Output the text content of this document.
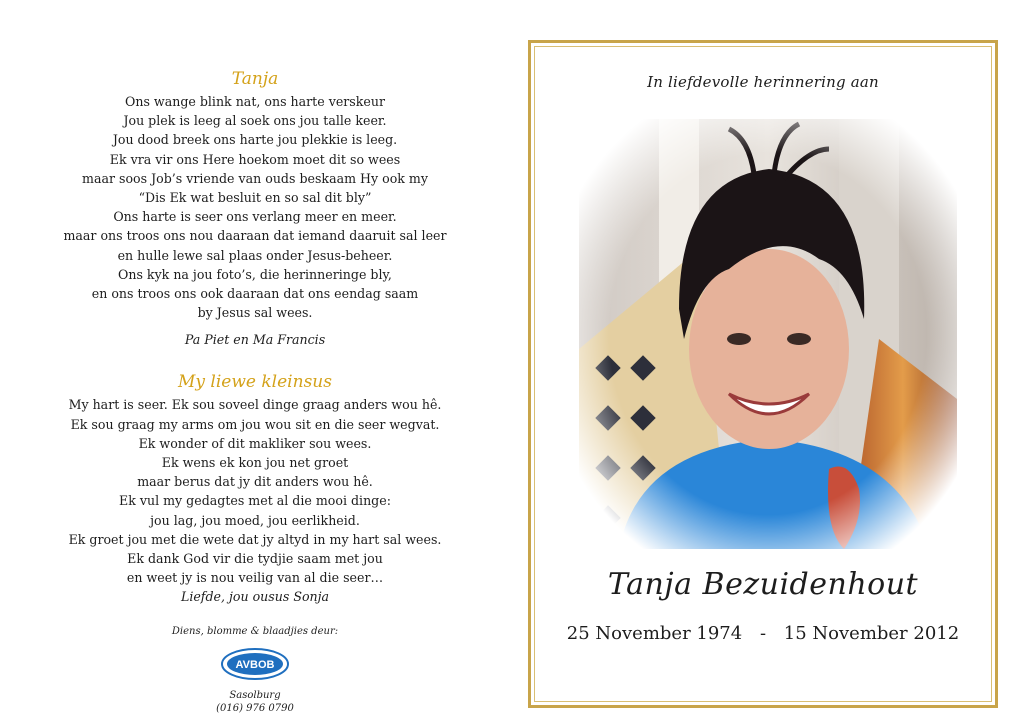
Tanja
Ons wange blink nat, ons harte verskeur
Jou plek is leeg al soek ons jou talle keer.
Jou dood breek ons harte jou plekkie is leeg.
Ek vra vir ons Here hoekom moet dit so wees
maar soos Job’s vriende van ouds beskaam Hy ook my
“Dis Ek wat besluit en so sal dit bly”
Ons harte is seer ons verlang meer en meer.
maar ons troos ons nou daaraan dat iemand daaruit sal leer
en hulle lewe sal plaas onder Jesus-beheer.
Ons kyk na jou foto’s, die herinneringe bly,
en ons troos ons ook daaraan dat ons eendag saam
by Jesus sal wees.
Pa Piet en Ma Francis
My liewe kleinsus
My hart is seer. Ek sou soveel dinge graag anders wou hê.
Ek sou graag my arms om jou wou sit en die seer wegvat.
Ek wonder of dit makliker sou wees.
Ek wens ek kon jou net groet
maar berus dat jy dit anders wou hê.
Ek vul my gedagtes met al die mooi dinge:
jou lag, jou moed, jou eerlikheid.
Ek groet jou met die wete dat jy altyd in my hart sal wees.
Ek dank God vir die tydjie saam met jou
en weet jy is nou veilig van al die seer…
Liefde, jou ousus Sonja
Diens, blomme & blaadjies deur:
AVBOB
Sasolburg
(016) 976 0790
In liefdevolle herinnering aan
Tanja Bezuidenhout
25 November 1974 - 15 November 2012
